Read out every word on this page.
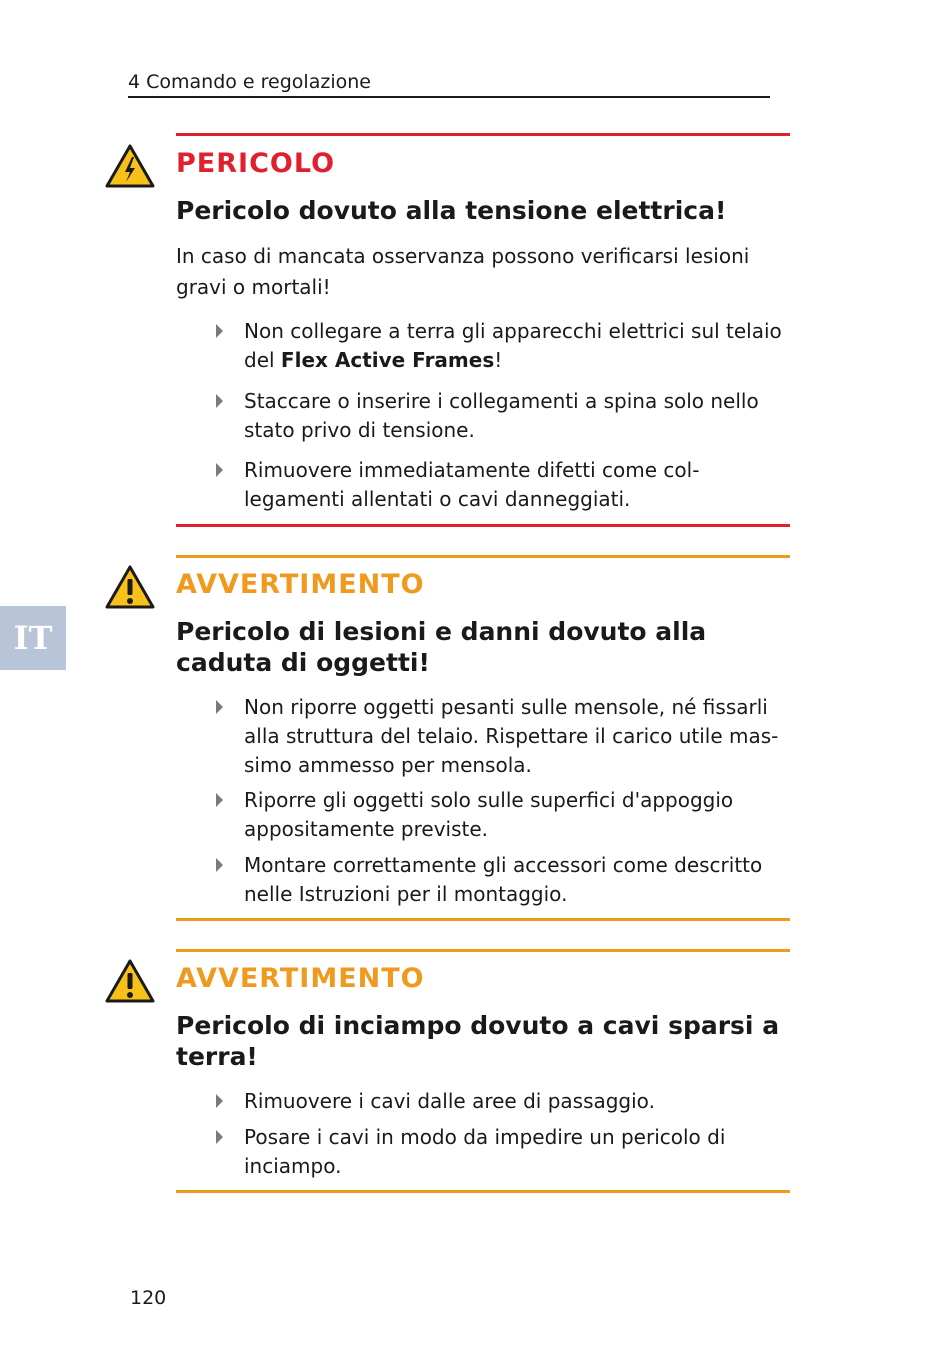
4 Comando e regolazione
IT
PERICOLO
Pericolo dovuto alla tensione elettrica!
In caso di mancata osservanza possono verificarsi lesioni gravi o mortali!
Non collegare a terra gli apparecchi elettrici sul telaio del Flex Active Frames!
Staccare o inserire i collegamenti a spina solo nello stato privo di tensione.
Rimuovere immediatamente difetti come col-legamenti allentati o cavi danneggiati.
AVVERTIMENTO
Pericolo di lesioni e danni dovuto alla caduta di oggetti!
Non riporre oggetti pesanti sulle mensole, né fissarli alla struttura del telaio. Rispettare il carico utile mas-simo ammesso per mensola.
Riporre gli oggetti solo sulle superfici d'appoggio appositamente previste.
Montare correttamente gli accessori come descritto nelle Istruzioni per il montaggio.
AVVERTIMENTO
Pericolo di inciampo dovuto a cavi sparsi a terra!
Rimuovere i cavi dalle aree di passaggio.
Posare i cavi in modo da impedire un pericolo di inciampo.
120
